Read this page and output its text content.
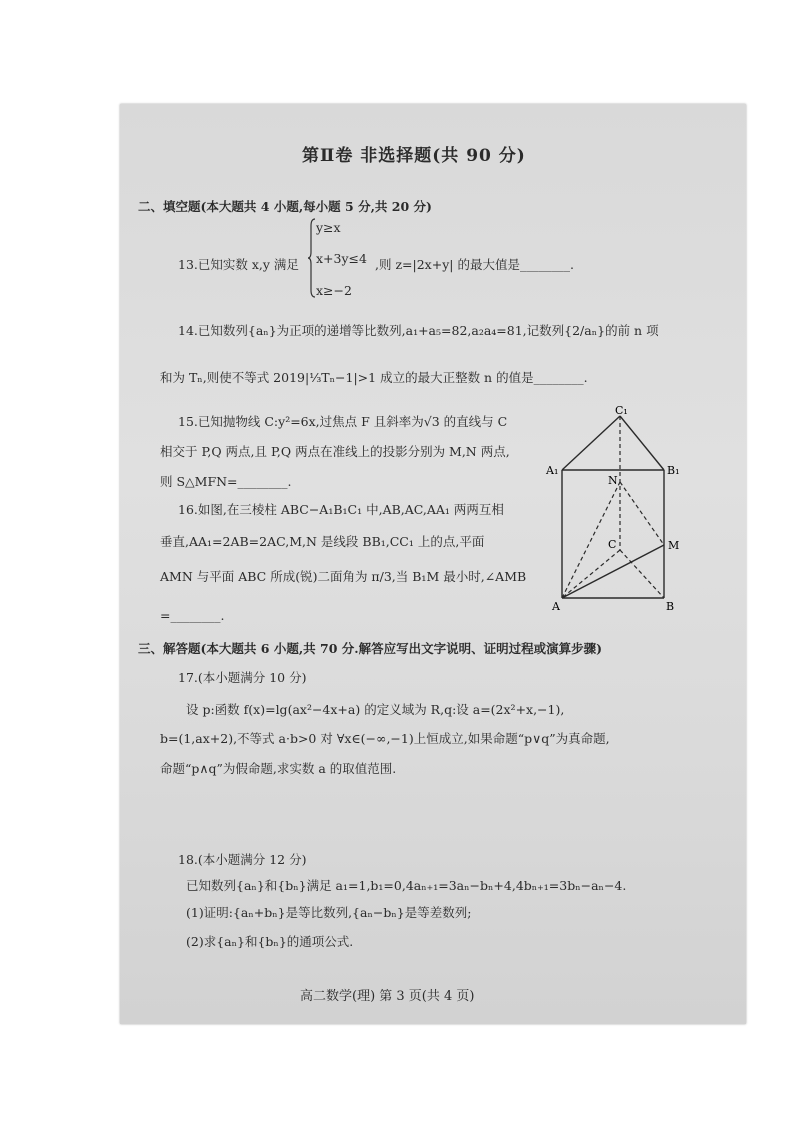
第Ⅱ卷 非选择题(共 90 分)
二、填空题(本大题共 4 小题,每小题 5 分,共 20 分)
13.已知实数 x,y 满足
y≥x
x+3y≤4
x≥−2
,则 z=|2x+y| 的最大值是________.
14.已知数列{aₙ}为正项的递增等比数列,a₁+a₅=82,a₂a₄=81,记数列{2/aₙ}的前 n 项
和为 Tₙ,则使不等式 2019|⅓Tₙ−1|>1 成立的最大正整数 n 的值是________.
15.已知抛物线 C:y²=6x,过焦点 F 且斜率为√3 的直线与 C
相交于 P,Q 两点,且 P,Q 两点在准线上的投影分别为 M,N 两点,
则 S△MFN=________.
16.如图,在三棱柱 ABC−A₁B₁C₁ 中,AB,AC,AA₁ 两两互相
垂直,AA₁=2AB=2AC,M,N 是线段 BB₁,CC₁ 上的点,平面
AMN 与平面 ABC 所成(锐)二面角为 π/3,当 B₁M 最小时,∠AMB
=________.
C₁
A₁	B₁
N
C	M
A	B
三、解答题(本大题共 6 小题,共 70 分.解答应写出文字说明、证明过程或演算步骤)
17.(本小题满分 10 分)
设 p:函数 f(x)=lg(ax²−4x+a) 的定义域为 R,q:设 a=(2x²+x,−1),
b=(1,ax+2),不等式 a·b>0 对 ∀x∈(−∞,−1)上恒成立,如果命题“p∨q”为真命题,
命题“p∧q”为假命题,求实数 a 的取值范围.
18.(本小题满分 12 分)
已知数列{aₙ}和{bₙ}满足 a₁=1,b₁=0,4aₙ₊₁=3aₙ−bₙ+4,4bₙ₊₁=3bₙ−aₙ−4.
(1)证明:{aₙ+bₙ}是等比数列,{aₙ−bₙ}是等差数列;
(2)求{aₙ}和{bₙ}的通项公式.
高二数学(理) 第 3 页(共 4 页)
